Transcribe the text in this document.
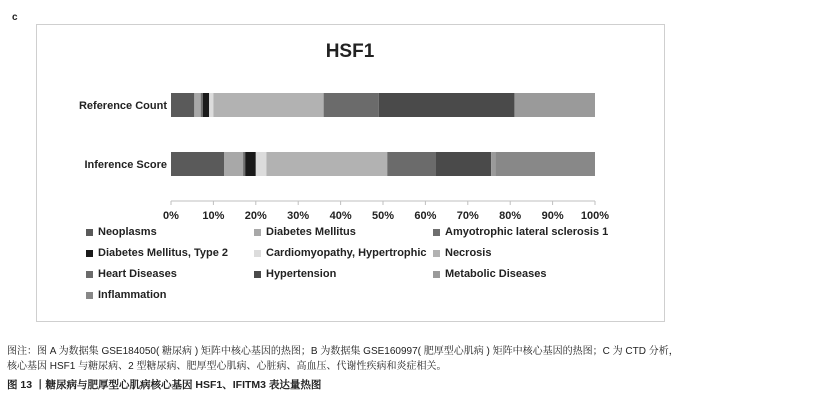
c
HSF1
0% 10% 20% 30% 40% 50% 60% 70% 80% 90% 100%
Reference Count
Inference Score
Neoplasms	Diabetes Mellitus	Amyotrophic lateral sclerosis 1
Diabetes Mellitus, Type 2	Cardiomyopathy, Hypertrophic Necrosis
Heart Diseases	Hypertension	Metabolic Diseases
Inflammation
图注：图 A 为数据集 GSE184050( 糖尿病 ) 矩阵中核心基因的热图；B 为数据集 GSE160997( 肥厚型心肌病 ) 矩阵中核心基因的热图；C 为 CTD 分析，
核心基因 HSF1 与糖尿病、2 型糖尿病、肥厚型心肌病、心脏病、高血压、代谢性疾病和炎症相关。
图 13 丨糖尿病与肥厚型心肌病核心基因 HSF1、IFITM3 表达量热图
